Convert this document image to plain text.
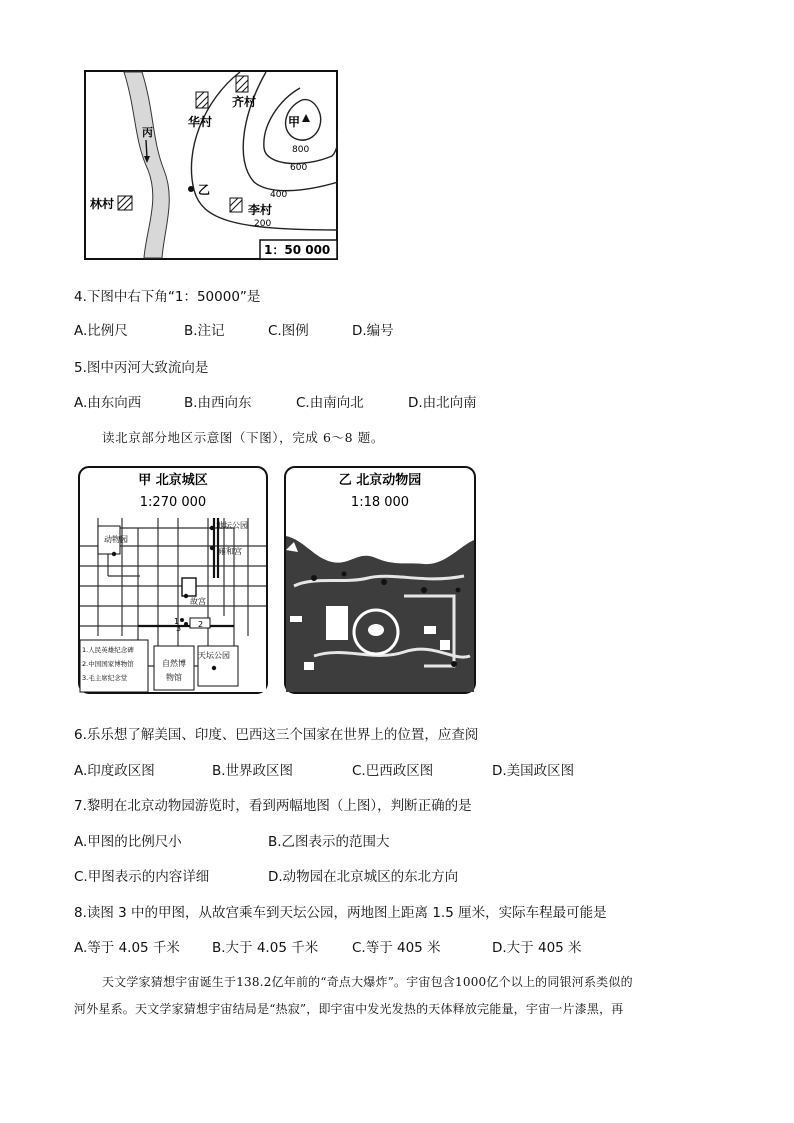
丙
华村
齐村
甲
乙
李村
林村
800
600
400
200
1：50 000
4.下图中右下角“1：50000”是
A.比例尺	B.注记	C.图例	D.编号
5.图中丙河大致流向是
A.由东向西	B.由西向东	C.由南向北	D.由北向南
读北京部分地区示意图（下图），完成 6～8 题。
甲 北京城区
1:270 000
1.人民英雄纪念碑
2.中国国家博物馆
3.毛主席纪念堂
动物园
地坛公园
雍和宫
故宫
1
3 2
天坛公园
自然博
物馆
乙 北京动物园
1:18 000
6.乐乐想了解美国、印度、巴西这三个国家在世界上的位置，应查阅
A.印度政区图	B.世界政区图	C.巴西政区图	D.美国政区图
7.黎明在北京动物园游览时，看到两幅地图（上图），判断正确的是
A.甲图的比例尺小	B.乙图表示的范围大
C.甲图表示的内容详细	D.动物园在北京城区的东北方向
8.读图 3 中的甲图，从故宫乘车到天坛公园，两地图上距离 1.5 厘米，实际车程最可能是
A.等于 4.05 千米 B.大于 4.05 千米	C.等于 405 米	D.大于 405 米
天文学家猜想宇宙诞生于138.2亿年前的“奇点大爆炸”。宇宙包含1000亿个以上的同银河系类似的
河外星系。天文学家猜想宇宙结局是“热寂”，即宇宙中发光发热的天体释放完能量，宇宙一片漆黑，再
